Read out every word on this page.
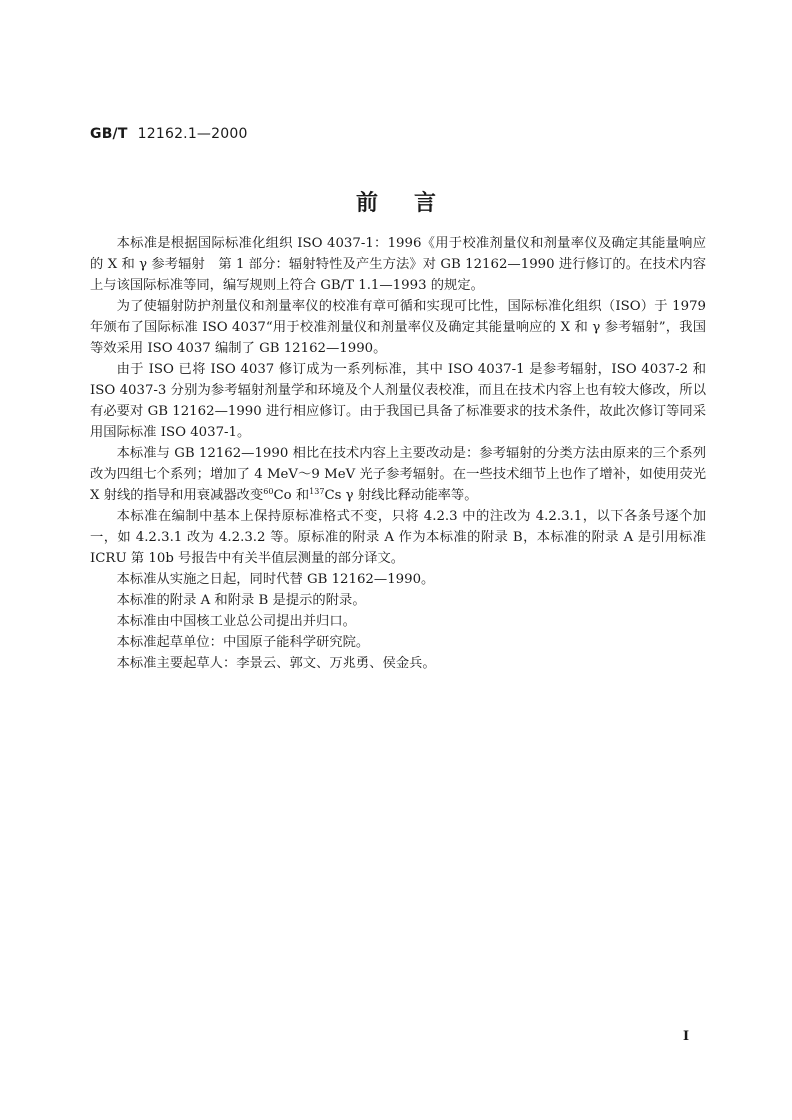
GB/T 12162.1—2000
前言

本标准是根据国际标准化组织 ISO 4037-1：1996《用于校准剂量仪和剂量率仪及确定其能量响应的 X 和 γ 参考辐射　第 1 部分：辐射特性及产生方法》对 GB 12162—1990 进行修订的。在技术内容上与该国际标准等同，编写规则上符合 GB/T 1.1—1993 的规定。

为了使辐射防护剂量仪和剂量率仪的校准有章可循和实现可比性，国际标准化组织（ISO）于 1979 年颁布了国际标准 ISO 4037“用于校准剂量仪和剂量率仪及确定其能量响应的 X 和 γ 参考辐射”，我国等效采用 ISO 4037 编制了 GB 12162—1990。

由于 ISO 已将 ISO 4037 修订成为一系列标准，其中 ISO 4037-1 是参考辐射，ISO 4037-2 和 ISO 4037-3 分别为参考辐射剂量学和环境及个人剂量仪表校准，而且在技术内容上也有较大修改，所以有必要对 GB 12162—1990 进行相应修订。由于我国已具备了标准要求的技术条件，故此次修订等同采用国际标准 ISO 4037-1。

本标准与 GB 12162—1990 相比在技术内容上主要改动是：参考辐射的分类方法由原来的三个系列改为四组七个系列；增加了 4 MeV～9 MeV 光子参考辐射。在一些技术细节上也作了增补，如使用荧光 X 射线的指导和用衰减器改变$^{60}$Co 和$^{137}$Cs γ 射线比释动能率等。

本标准在编制中基本上保持原标准格式不变，只将 4.2.3 中的注改为 4.2.3.1，以下各条号逐个加一，如 4.2.3.1 改为 4.2.3.2 等。原标准的附录 A 作为本标准的附录 B，本标准的附录 A 是引用标准 ICRU 第 10b 号报告中有关半值层测量的部分译文。

本标准从实施之日起，同时代替 GB 12162—1990。

本标准的附录 A 和附录 B 是提示的附录。

本标准由中国核工业总公司提出并归口。

本标准起草单位：中国原子能科学研究院。

本标准主要起草人：李景云、郭文、万兆勇、侯金兵。

Ⅰ
